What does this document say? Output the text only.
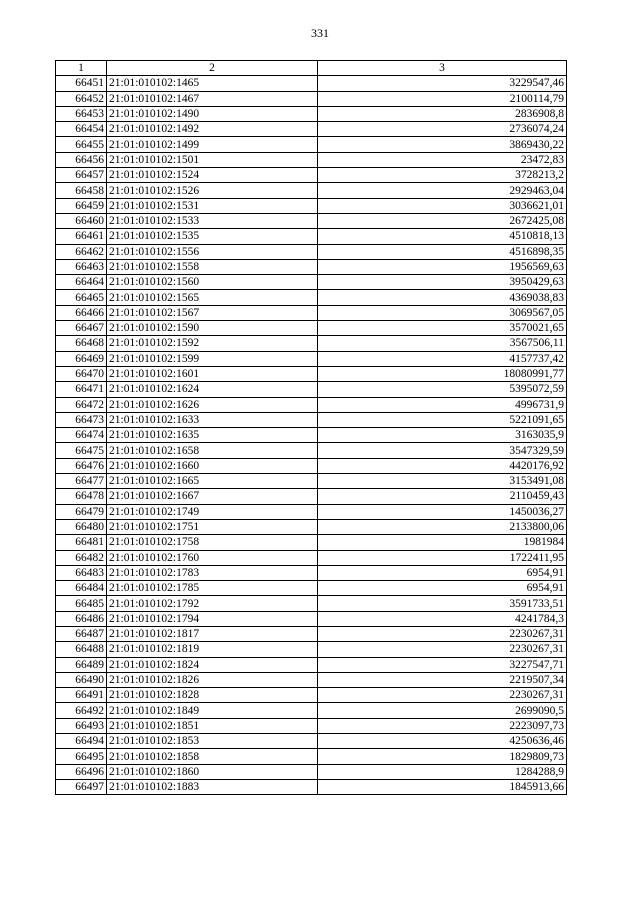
331
1	2	3
66451	21:01:010102:1465	3229547,46
66452	21:01:010102:1467	2100114,79
66453	21:01:010102:1490	2836908,8
66454	21:01:010102:1492	2736074,24
66455	21:01:010102:1499	3869430,22
66456	21:01:010102:1501	23472,83
66457	21:01:010102:1524	3728213,2
66458	21:01:010102:1526	2929463,04
66459	21:01:010102:1531	3036621,01
66460	21:01:010102:1533	2672425,08
66461	21:01:010102:1535	4510818,13
66462	21:01:010102:1556	4516898,35
66463	21:01:010102:1558	1956569,63
66464	21:01:010102:1560	3950429,63
66465	21:01:010102:1565	4369038,83
66466	21:01:010102:1567	3069567,05
66467	21:01:010102:1590	3570021,65
66468	21:01:010102:1592	3567506,11
66469	21:01:010102:1599	4157737,42
66470	21:01:010102:1601	18080991,77
66471	21:01:010102:1624	5395072,59
66472	21:01:010102:1626	4996731,9
66473	21:01:010102:1633	5221091,65
66474	21:01:010102:1635	3163035,9
66475	21:01:010102:1658	3547329,59
66476	21:01:010102:1660	4420176,92
66477	21:01:010102:1665	3153491,08
66478	21:01:010102:1667	2110459,43
66479	21:01:010102:1749	1450036,27
66480	21:01:010102:1751	2133800,06
66481	21:01:010102:1758	1981984
66482	21:01:010102:1760	1722411,95
66483	21:01:010102:1783	6954,91
66484	21:01:010102:1785	6954,91
66485	21:01:010102:1792	3591733,51
66486	21:01:010102:1794	4241784,3
66487	21:01:010102:1817	2230267,31
66488	21:01:010102:1819	2230267,31
66489	21:01:010102:1824	3227547,71
66490	21:01:010102:1826	2219507,34
66491	21:01:010102:1828	2230267,31
66492	21:01:010102:1849	2699090,5
66493	21:01:010102:1851	2223097,73
66494	21:01:010102:1853	4250636,46
66495	21:01:010102:1858	1829809,73
66496	21:01:010102:1860	1284288,9
66497	21:01:010102:1883	1845913,66
